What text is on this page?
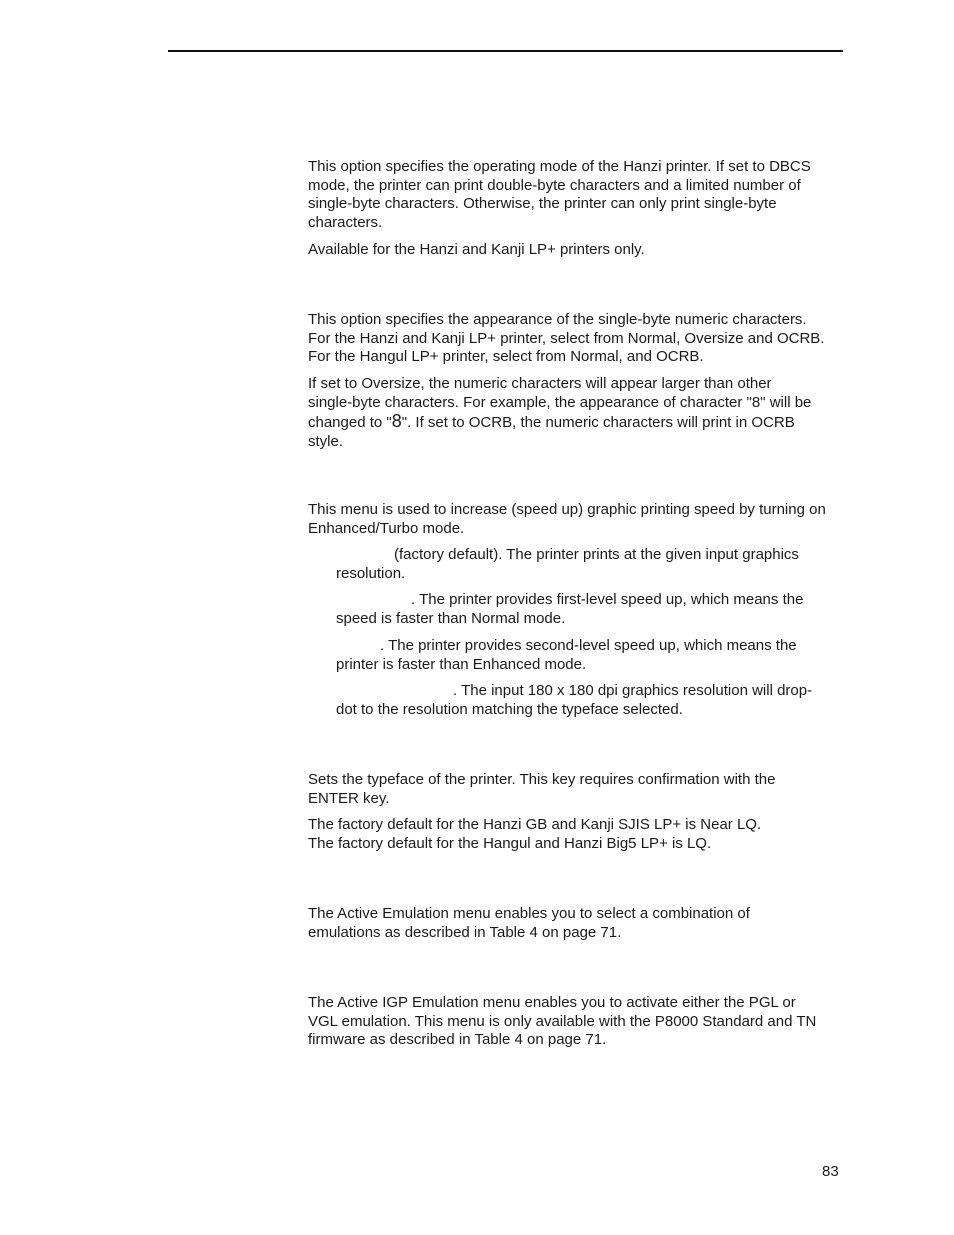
This option specifies the operating mode of the Hanzi printer. If set to DBCS
mode, the printer can print double-byte characters and a limited number of
single-byte characters. Otherwise, the printer can only print single-byte
characters.

Available for the Hanzi and Kanji LP+ printers only.

This option specifies the appearance of the single-byte numeric characters.
For the Hanzi and Kanji LP+ printer, select from Normal, Oversize and OCRB.
For the Hangul LP+ printer, select from Normal, and OCRB.

If set to Oversize, the numeric characters will appear larger than other
single-byte characters. For example, the appearance of character "8" will be
changed to "8". If set to OCRB, the numeric characters will print in OCRB
style.

This menu is used to increase (speed up) graphic printing speed by turning on
Enhanced/Turbo mode.

(factory default). The printer prints at the given input graphics
resolution.

. The printer provides first-level speed up, which means the
speed is faster than Normal mode.

. The printer provides second-level speed up, which means the
printer is faster than Enhanced mode.

. The input 180 x 180 dpi graphics resolution will drop-
dot to the resolution matching the typeface selected.

Sets the typeface of the printer. This key requires confirmation with the
ENTER key.

The factory default for the Hanzi GB and Kanji SJIS LP+ is Near LQ.
The factory default for the Hangul and Hanzi Big5 LP+ is LQ.

The Active Emulation menu enables you to select a combination of
emulations as described in Table 4 on page 71.

The Active IGP Emulation menu enables you to activate either the PGL or
VGL emulation. This menu is only available with the P8000 Standard and TN
firmware as described in Table 4 on page 71.

83
